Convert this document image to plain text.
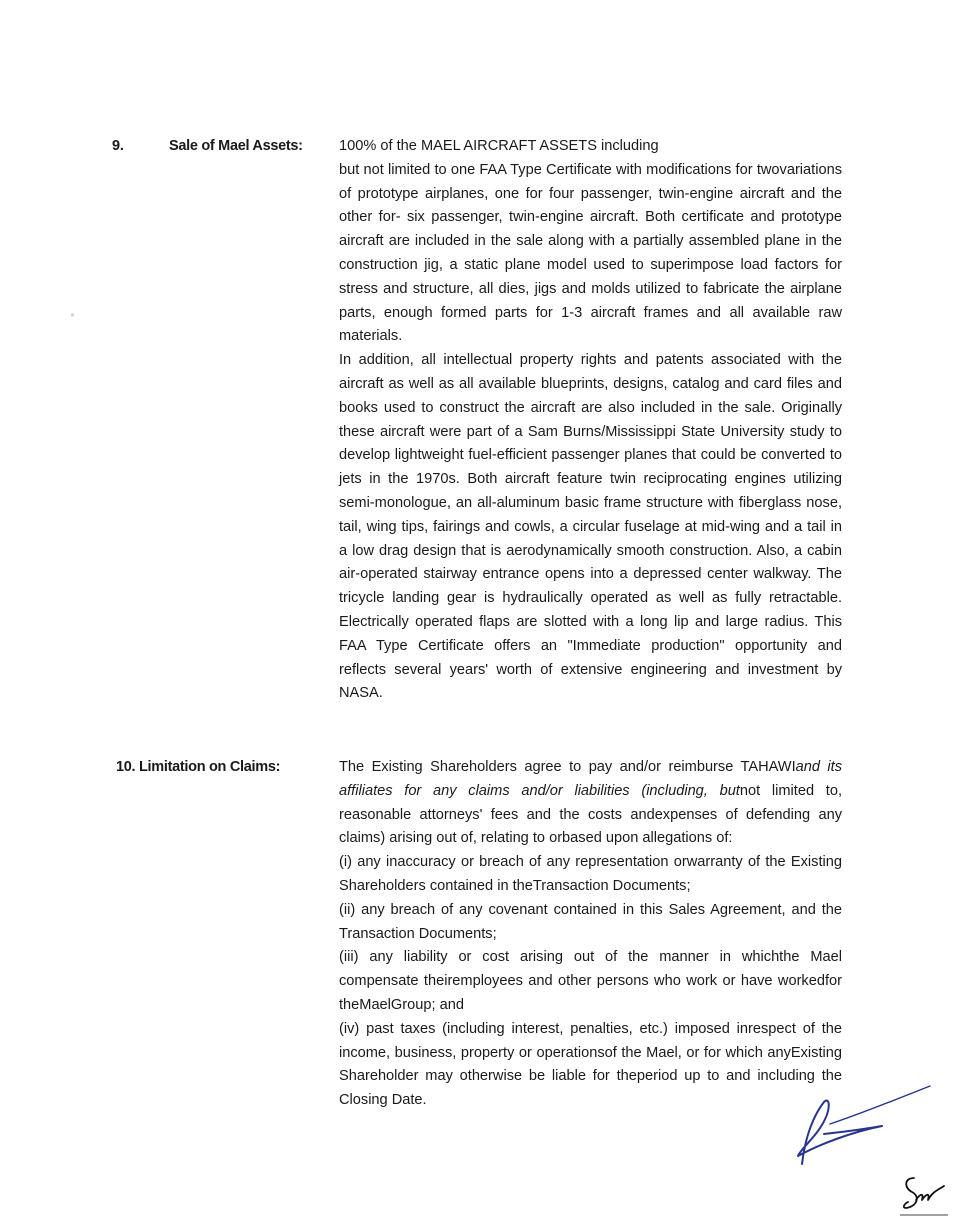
9.	Sale of Mael Assets: 100% of the MAEL AIRCRAFT ASSETS including

but not limited to one FAA Type Certificate with modifications for twovariations of prototype airplanes, one for four passenger, twin-engine aircraft and the other for- six passenger, twin-engine aircraft. Both certificate and prototype aircraft are included in the sale along with a partially assembled plane in the construction jig, a static plane model used to superimpose load factors for stress and structure, all dies, jigs and molds utilized to fabricate the airplane parts, enough formed parts for 1-3 aircraft frames and all available raw materials.

In addition, all intellectual property rights and patents associated with the aircraft as well as all available blueprints, designs, catalog and card files and books used to construct the aircraft are also included in the sale. Originally these aircraft were part of a Sam Burns/Mississippi State University study to develop lightweight fuel-efficient passenger planes that could be converted to jets in the 1970s. Both aircraft feature twin reciprocating engines utilizing semi-monologue, an all-aluminum basic frame structure with fiberglass nose, tail, wing tips, fairings and cowls, a circular fuselage at mid-wing and a tail in a low drag design that is aerodynamically smooth construction. Also, a cabin air-operated stairway entrance opens into a depressed center walkway. The tricycle landing gear is hydraulically operated as well as fully retractable. Electrically operated flaps are slotted with a long lip and large radius. This FAA Type Certificate offers an "Immediate production" opportunity and reflects several years' worth of extensive engineering and investment by NASA.

10. Limitation on Claims:	The Existing Shareholders agree to pay and/or reimburse TAHAWIand its affiliates for any claims and/or liabilities (including, butnot limited to, reasonable attorneys' fees and the costs andexpenses of defending any claims) arising out of, relating to orbased upon allegations of:

(i) any inaccuracy or breach of any representation orwarranty of the Existing Shareholders contained in theTransaction Documents;

(ii) any breach of any covenant contained in this Sales Agreement, and the Transaction Documents;

(iii) any liability or cost arising out of the manner in whichthe Mael compensate theiremployees and other persons who work or have workedfor theMaelGroup; and

(iv) past taxes (including interest, penalties, etc.) imposed inrespect of the income, business, property or operationsof the Mael, or for which anyExisting Shareholder may otherwise be liable for theperiod up to and including the Closing Date.
